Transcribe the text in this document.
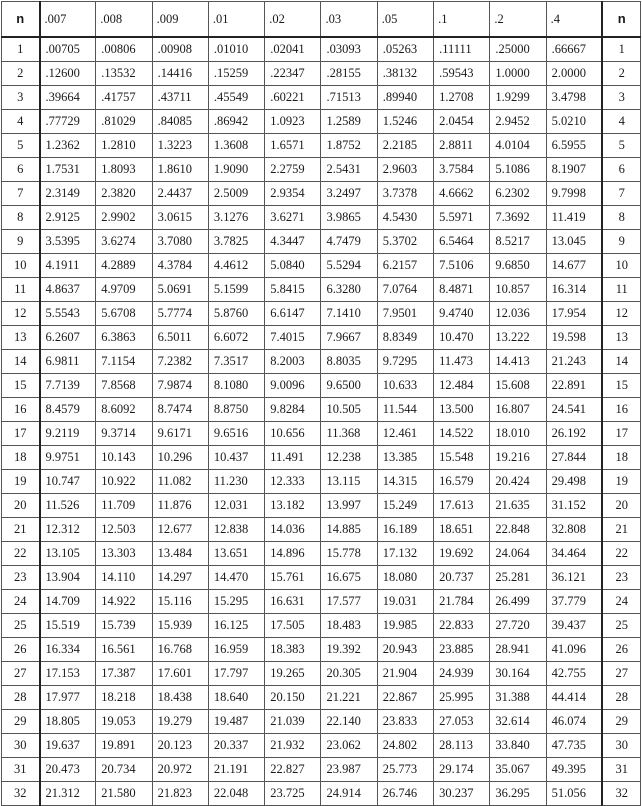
n	.007	.008	.009	.01	.02	.03	.05	.1	.2	.4	n
1	.00705	.00806	.00908	.01010	.02041	.03093	.05263	.11111	.25000	.66667	1
2	.12600	.13532	.14416	.15259	.22347	.28155	.38132	.59543	1.0000	2.0000	2
3	.39664	.41757	.43711	.45549	.60221	.71513	.89940	1.2708	1.9299	3.4798	3
4	.77729	.81029	.84085	.86942	1.0923	1.2589	1.5246	2.0454	2.9452	5.0210	4
5	1.2362	1.2810	1.3223	1.3608	1.6571	1.8752	2.2185	2.8811	4.0104	6.5955	5
6	1.7531	1.8093	1.8610	1.9090	2.2759	2.5431	2.9603	3.7584	5.1086	8.1907	6
7	2.3149	2.3820	2.4437	2.5009	2.9354	3.2497	3.7378	4.6662	6.2302	9.7998	7
8	2.9125	2.9902	3.0615	3.1276	3.6271	3.9865	4.5430	5.5971	7.3692	11.419	8
9	3.5395	3.6274	3.7080	3.7825	4.3447	4.7479	5.3702	6.5464	8.5217	13.045	9
10	4.1911	4.2889	4.3784	4.4612	5.0840	5.5294	6.2157	7.5106	9.6850	14.677	10
11	4.8637	4.9709	5.0691	5.1599	5.8415	6.3280	7.0764	8.4871	10.857	16.314	11
12	5.5543	5.6708	5.7774	5.8760	6.6147	7.1410	7.9501	9.4740	12.036	17.954	12
13	6.2607	6.3863	6.5011	6.6072	7.4015	7.9667	8.8349	10.470	13.222	19.598	13
14	6.9811	7.1154	7.2382	7.3517	8.2003	8.8035	9.7295	11.473	14.413	21.243	14
15	7.7139	7.8568	7.9874	8.1080	9.0096	9.6500	10.633	12.484	15.608	22.891	15
16	8.4579	8.6092	8.7474	8.8750	9.8284	10.505	11.544	13.500	16.807	24.541	16
17	9.2119	9.3714	9.6171	9.6516	10.656	11.368	12.461	14.522	18.010	26.192	17
18	9.9751	10.143	10.296	10.437	11.491	12.238	13.385	15.548	19.216	27.844	18
19	10.747	10.922	11.082	11.230	12.333	13.115	14.315	16.579	20.424	29.498	19
20	11.526	11.709	11.876	12.031	13.182	13.997	15.249	17.613	21.635	31.152	20
21	12.312	12.503	12.677	12.838	14.036	14.885	16.189	18.651	22.848	32.808	21
22	13.105	13.303	13.484	13.651	14.896	15.778	17.132	19.692	24.064	34.464	22
23	13.904	14.110	14.297	14.470	15.761	16.675	18.080	20.737	25.281	36.121	23
24	14.709	14.922	15.116	15.295	16.631	17.577	19.031	21.784	26.499	37.779	24
25	15.519	15.739	15.939	16.125	17.505	18.483	19.985	22.833	27.720	39.437	25
26	16.334	16.561	16.768	16.959	18.383	19.392	20.943	23.885	28.941	41.096	26
27	17.153	17.387	17.601	17.797	19.265	20.305	21.904	24.939	30.164	42.755	27
28	17.977	18.218	18.438	18.640	20.150	21.221	22.867	25.995	31.388	44.414	28
29	18.805	19.053	19.279	19.487	21.039	22.140	23.833	27.053	32.614	46.074	29
30	19.637	19.891	20.123	20.337	21.932	23.062	24.802	28.113	33.840	47.735	30
31	20.473	20.734	20.972	21.191	22.827	23.987	25.773	29.174	35.067	49.395	31
32	21.312	21.580	21.823	22.048	23.725	24.914	26.746	30.237	36.295	51.056	32
